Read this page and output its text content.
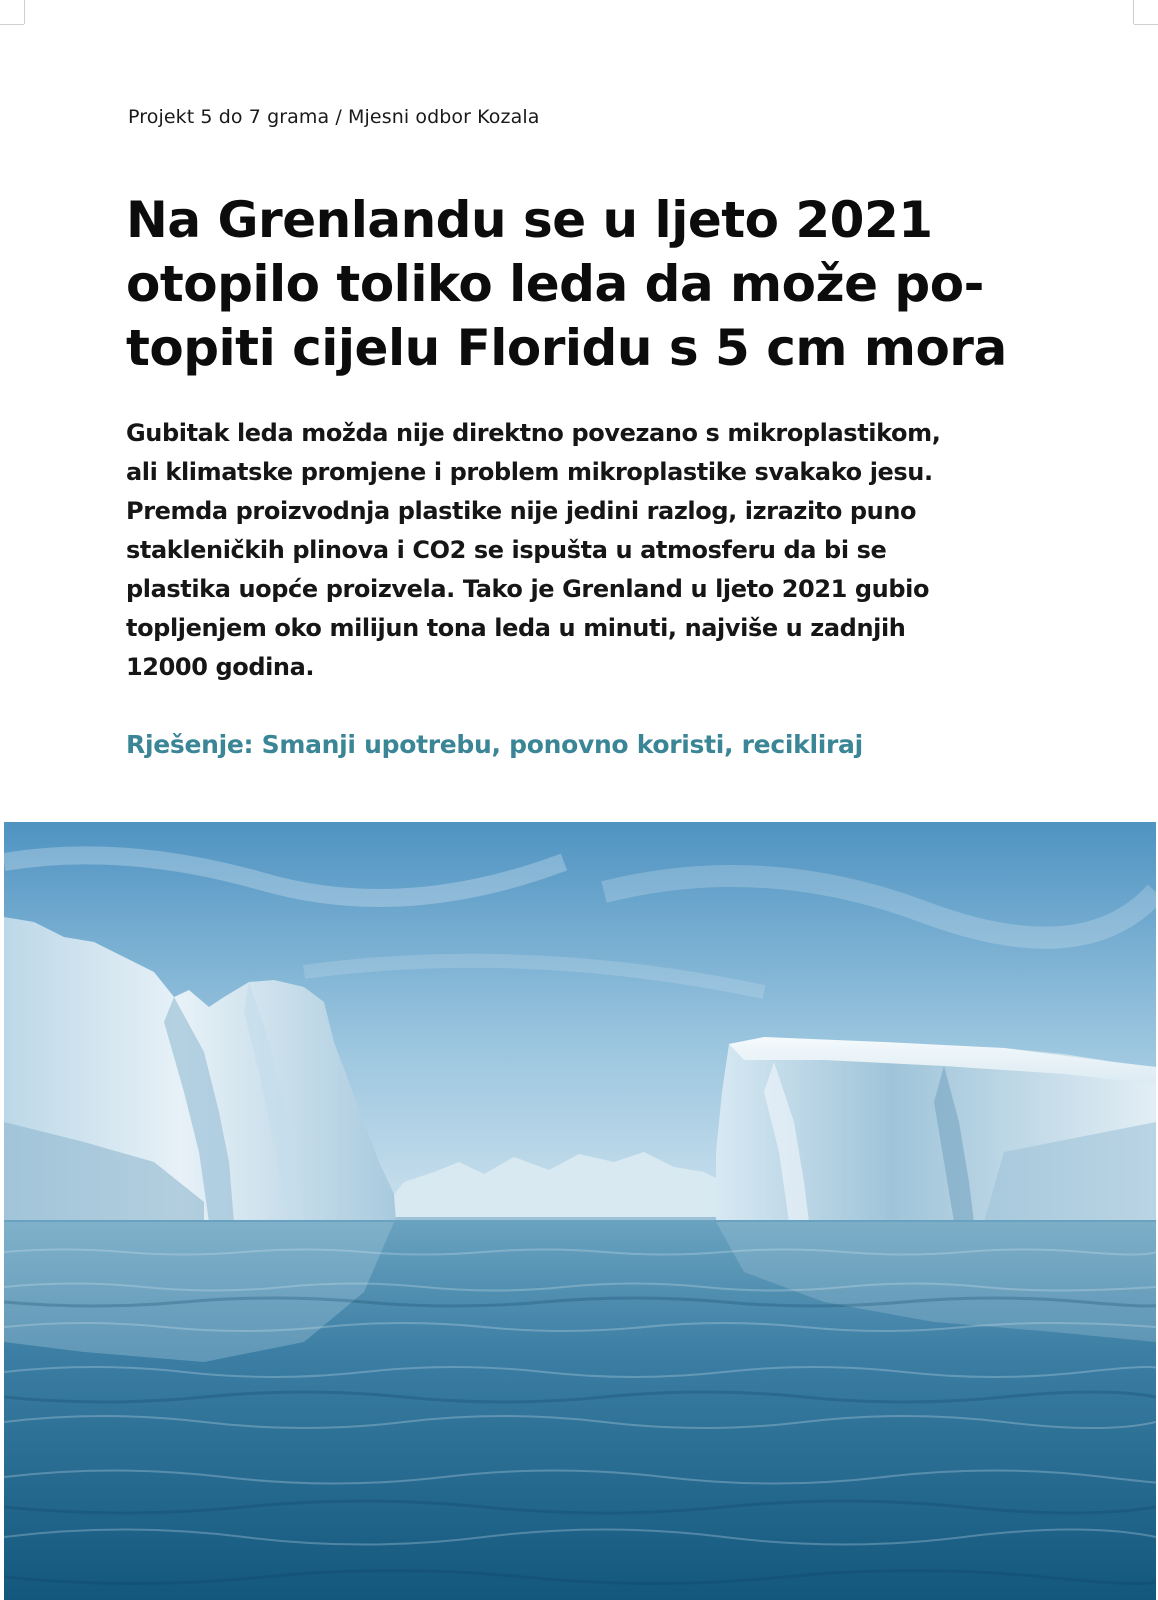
Projekt 5 do 7 grama / Mjesni odbor Kozala
Na Grenlandu se u ljeto 2021
otopilo toliko leda da može po-
topiti cijelu Floridu s 5 cm mora

Gubitak leda možda nije direktno povezano s mikroplastikom,
ali klimatske promjene i problem mikroplastike svakako jesu.
Premda proizvodnja plastike nije jedini razlog, izrazito puno
stakleničkih plinova i CO2 se ispušta u atmosferu da bi se
plastika uopće proizvela. Tako je Grenland u ljeto 2021 gubio
topljenjem oko milijun tona leda u minuti, najviše u zadnjih
12000 godina.

Rješenje: Smanji upotrebu, ponovno koristi, recikliraj
